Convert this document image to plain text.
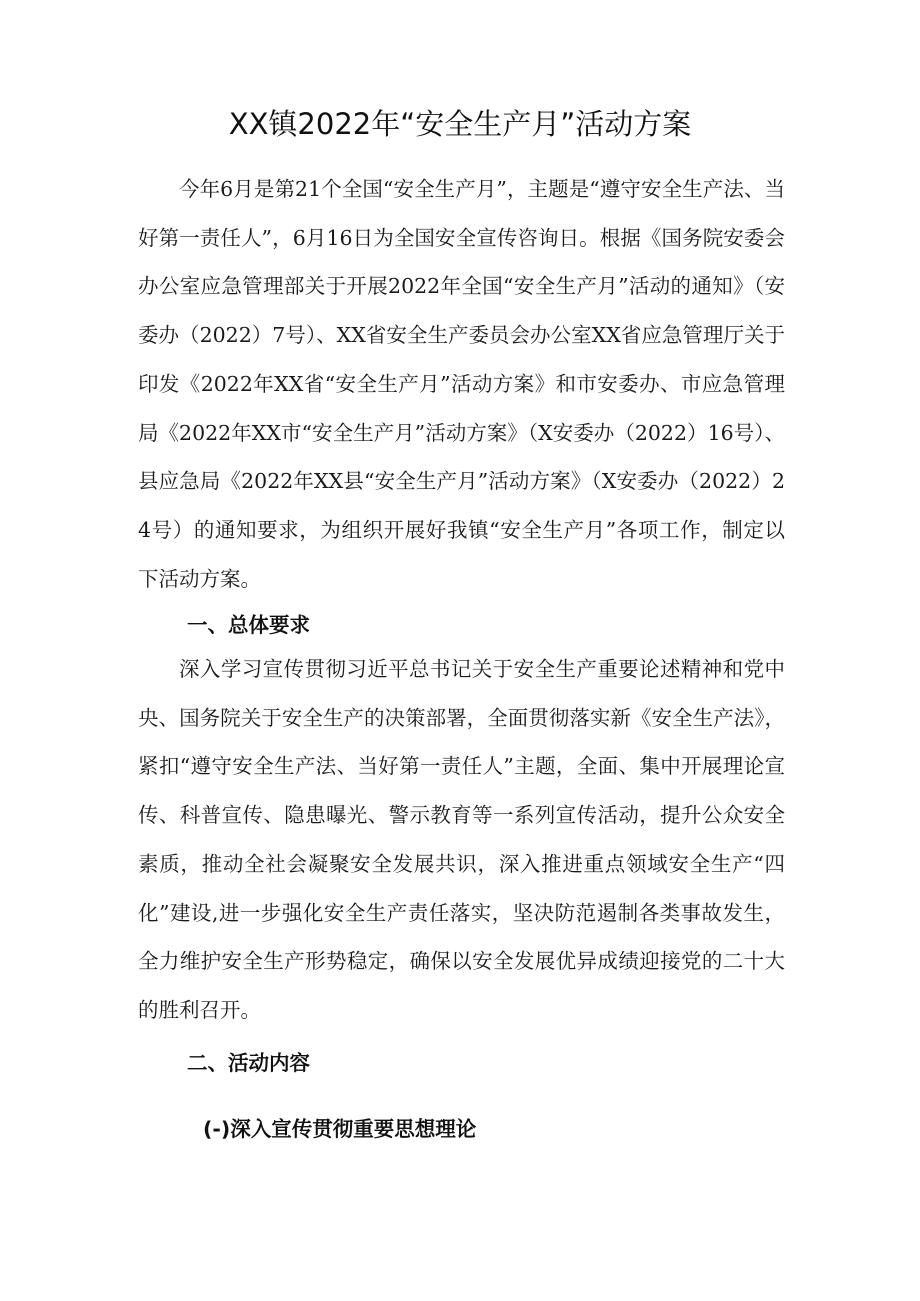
XX镇2022年“安全生产月”活动方案

今年6月是第21个全国“安全生产月”，主题是“遵守安全生产法、当好第一责任人”，6月16日为全国安全宣传咨询日。根据《国务院安委会办公室应急管理部关于开展2022年全国“安全生产月”活动的通知》（安委办（2022）7号）、XX省安全生产委员会办公室XX省应急管理厅关于印发《2022年XX省“安全生产月”活动方案》和市安委办、市应急管理局《2022年XX市“安全生产月”活动方案》（X安委办（2022）16号）、县应急局《2022年XX县“安全生产月”活动方案》（X安委办（2022）24号）的通知要求，为组织开展好我镇“安全生产月”各项工作，制定以下活动方案。

一、总体要求

深入学习宣传贯彻习近平总书记关于安全生产重要论述精神和党中央、国务院关于安全生产的决策部署，全面贯彻落实新《安全生产法》，紧扣“遵守安全生产法、当好第一责任人”主题，全面、集中开展理论宣传、科普宣传、隐患曝光、警示教育等一系列宣传活动，提升公众安全素质，推动全社会凝聚安全发展共识，深入推进重点领域安全生产“四化”建设,进一步强化安全生产责任落实，坚决防范遏制各类事故发生，全力维护安全生产形势稳定，确保以安全发展优异成绩迎接党的二十大的胜利召开。

二、活动内容
(-)深入宣传贯彻重要思想理论
